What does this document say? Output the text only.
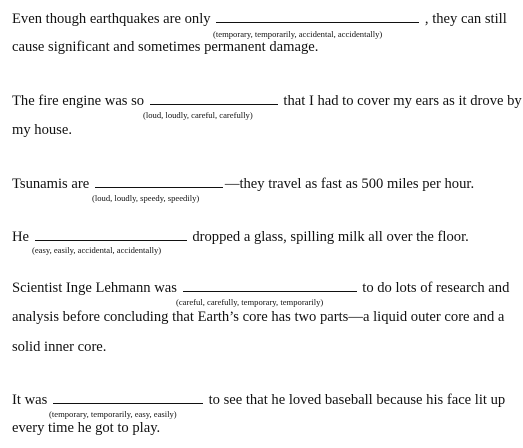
Even though earthquakes are only	, they can still
(temporary, temporarily, accidental, accidentally)
cause significant and sometimes permanent damage.
The fire engine was so	that I had to cover my ears as it drove by
(loud, loudly, careful, carefully)
my house.
Tsunamis are	—they travel as fast as 500 miles per hour.
(loud, loudly, speedy, speedily)
He	dropped a glass, spilling milk all over the floor.
(easy, easily, accidental, accidentally)
Scientist Inge Lehmann was	to do lots of research and
(careful, carefully, temporary, temporarily)
analysis before concluding that Earth’s core has two parts—a liquid outer core and a
solid inner core.
It was	to see that he loved baseball because his face lit up
(temporary, temporarily, easy, easily)
every time he got to play.
